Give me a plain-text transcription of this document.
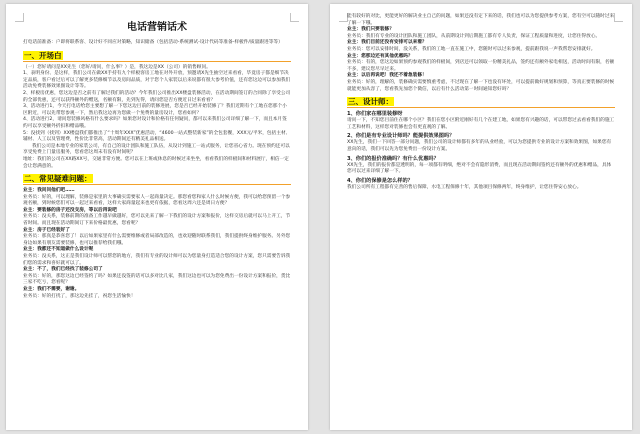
电话营销话术

打电话前准备：户即将联系客、设计好不同应对策略，知识储备（包括活动-系统测试-设计代码等准备-样板件/质量跟进等等）

一、开场白

（一）您好请问是XX先生（您好/请问，什么事？）是，我这边是XX（公司）的销售顾问。

1、表明身份、是这样，我们公司在做XX手持有九个样板客房工地在对外开放，预邀请X先生抽空过来看看，毕竟房子都是细节决定品质，客户看过后可以了解更多装修细节以及房间品质，对于您个人家装以后来说都有很大参考价值，还有您这边可以参加我们活动免费装修效果图设计等等。

2、样板房优惠，您这边是否之前有了解过我们的活动？今年我们公司推出XX楼盘装修活动，在活动期间签订的合同除了享受公司的全部优惠，还可以获得额外的赠送，名额有限，先到先得，请问您是否方便近日过来看看？

3、活动进行1，今天打电话给您主要想了解一下您这边目前的装修进展，您是否已经开始装修了？我们近期有个工地在您那个小区附近，可以先带您参观一下，然后我这边再为您做一个免费的量房设计，您看如何？

4、活动进行2，请问您装修风格有什么要求吗？如果您对设计和价格有任何疑问，都可以来我们公司详细了解一下，而且本月签约可以享受额外折扣和赠品哦。

5：没找到（找到）XX楼盘我们都推出了“十周年XXX”优惠活动，“4600一站式整装新家”的全包套餐，XXX元/平米，包括主材、辅材、人工以及管理费，性价比非常高，活动期间还有精美礼品相送。

我们公司是本地专业的家装公司，有自己的设计团队和施工队伍，从设计到施工一站式服务，让您省心省力。现在预约还可以享受免费上门量房服务，您看您这周末有没有时间呢？

地址：我们的公司在XX路XX号，交通非常方便。您可以在上班或休息的时候过来坐坐，看看我们的样板间和材料展厅，相信一定会让您满意的。

二、常见疑难问题：

业主：我问问他们吧……

业务员：好的，可以理解，装修是家里的大事确实需要家人一起商量决定。那您看您和家人什么时候方便，我可以给您预留一个参观名额，到时候您们可以一起过来看看，这样大家商量起来也更有依据，您看这周六还是周日方便？

业主：要装修的房子还没交房，等以后再说吧

业务员：没关系，装修前期的准备工作越早做越好，您可以先来了解一下我们的设计方案和报价，这样交房后就可以马上开工，节省时间。而且现在活动期间订下来价格最优惠，您看呢？

业主：房子已经装好了

业务员：那真是恭喜您了！以后如果家里有什么需要维修或者局部改造的，也欢迎随时联系我们，我们提供终身维护服务。另外您身边如果有朋友需要装修，也可以推荐给我们哦。

业主：我都还不知道做什么设计呢

业务员：没关系，这正是我们设计师可以帮您的地方，我们有专业的设计师可以为您量身打造适合您的设计方案，您只需要告诉我们您的需求和喜好就可以了。

业主：不了，我们已经找了装修公司了

业务员：好的，那您这边已经签约了吗？如果还没签的话可以多对比几家，我们这边也可以为您免费出一份设计方案和报价，货比三家不吃亏，您看呢？

业主：我们不需要，谢谢。

业务员：好的打扰了，那这边先挂了，祝您生活愉快！

能有较好的对比，更能更好的解决业主自己的问题，如果还没有定下来的话，我们也可以为您提供参考方案，您有空可以随时过来了解一下哦。

业主：我们只要装修？

业务员：我们有专业的设计团队和施工团队，从前期设计到后期施工都有专人负责，保证工程质量和进度，让您住得放心。

业主：我们目前还没有安排可以来看？

业务员：您可以安排时间，没关系，我们的工地一直在施工中，您随时可以过来参观，提前跟我说一声我帮您安排就好。

业主：您那边还有其他优惠吗？

业务员：有的，您这边如果预约参观我们的样板间，到店还可以领取一份精美礼品，签约还有额外家电相送，活动时间有限，名额不多，建议您尽早过来。

业主：以后再说吧！我还不着急装修！

业务员：好的，理解的，装修确实需要慎重考虑，不过现在了解一下也没有坏处，可以提前做好规划和预算，等真正要装修的时候就能更加从容了，您看我先加您个微信，以后有什么活动第一时间通知您好吗？

三、设计师：

1、你们家在哪里装修呀

请问一下，不知您目前住在哪个小区？我们在您小区附近刚好有几个在建工地，如果您有兴趣的话，可以带您过去看看我们的施工工艺和材料，这样您对装修也会有更直观的了解。

2、你们是有专业设计师吗？能提供效果图吗？

XX先生，我们一下回答一部分问题，我们公司的设计师都有多年的从业经验，可以为您提供专业的设计方案和效果图，如果您有意向的话，我们可以先为您免费出一份设计方案。

3、你们的报价准确吗？有什么优惠吗？

XX先生，我们的报价都是透明的，每一项都有明细，绝对不会有隐形消费，而且现在活动期间签约还有额外的优惠和赠品，具体您可以过来详细了解一下。

4、你们的保修是怎么样的？

我们公司所有工程都有完善的售后保障，水电工程保修十年，其他项目保修两年，终身维护，让您住得安心放心。
